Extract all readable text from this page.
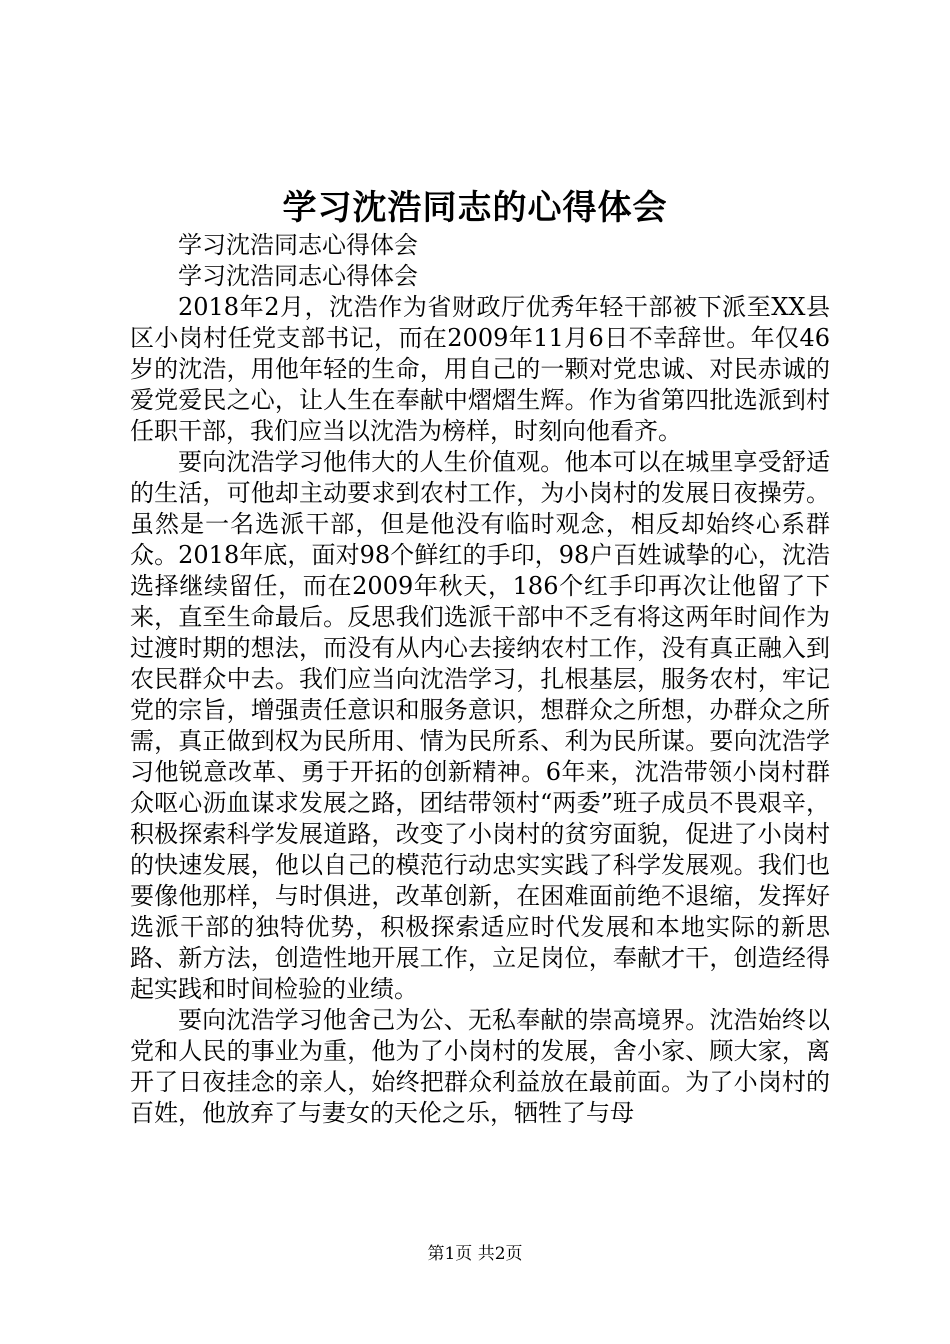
学习沈浩同志的心得体会

学习沈浩同志心得体会

学习沈浩同志心得体会

2018年2月，沈浩作为省财政厅优秀年轻干部被下派至XX县区小岗村任党支部书记，而在2009年11月6日不幸辞世。年仅46岁的沈浩，用他年轻的生命，用自己的一颗对党忠诚、对民赤诚的爱党爱民之心，让人生在奉献中熠熠生辉。作为省第四批选派到村任职干部，我们应当以沈浩为榜样，时刻向他看齐。

要向沈浩学习他伟大的人生价值观。他本可以在城里享受舒适的生活，可他却主动要求到农村工作，为小岗村的发展日夜操劳。虽然是一名选派干部，但是他没有临时观念，相反却始终心系群众。2018年底，面对98个鲜红的手印，98户百姓诚挚的心，沈浩选择继续留任，而在2009年秋天，186个红手印再次让他留了下来，直至生命最后。反思我们选派干部中不乏有将这两年时间作为过渡时期的想法，而没有从内心去接纳农村工作，没有真正融入到农民群众中去。我们应当向沈浩学习，扎根基层，服务农村，牢记党的宗旨，增强责任意识和服务意识，想群众之所想，办群众之所需，真正做到权为民所用、情为民所系、利为民所谋。要向沈浩学习他锐意改革、勇于开拓的创新精神。6年来，沈浩带领小岗村群众呕心沥血谋求发展之路，团结带领村“两委”班子成员不畏艰辛，积极探索科学发展道路，改变了小岗村的贫穷面貌，促进了小岗村的快速发展，他以自己的模范行动忠实实践了科学发展观。我们也要像他那样，与时俱进，改革创新，在困难面前绝不退缩，发挥好选派干部的独特优势，积极探索适应时代发展和本地实际的新思路、新方法，创造性地开展工作，立足岗位，奉献才干，创造经得起实践和时间检验的业绩。

要向沈浩学习他舍己为公、无私奉献的崇高境界。沈浩始终以党和人民的事业为重，他为了小岗村的发展，舍小家、顾大家，离开了日夜挂念的亲人，始终把群众利益放在最前面。为了小岗村的百姓，他放弃了与妻女的天伦之乐，牺牲了与母

第1页 共2页
